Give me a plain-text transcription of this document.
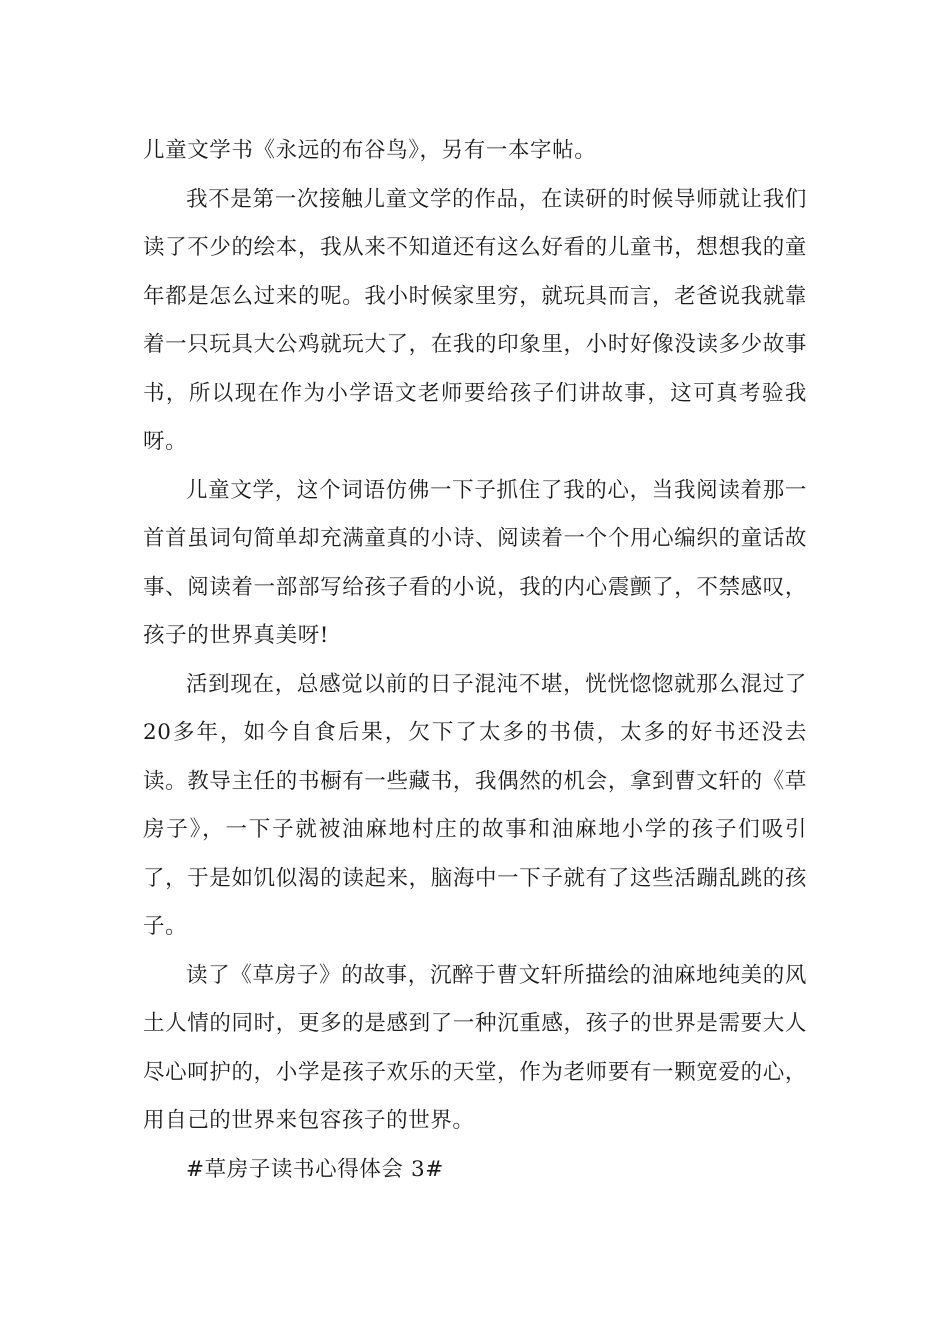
儿童文学书《永远的布谷鸟》，另有一本字帖。

我不是第一次接触儿童文学的作品，在读研的时候导师就让我们读了不少的绘本，我从来不知道还有这么好看的儿童书，想想我的童年都是怎么过来的呢。我小时候家里穷，就玩具而言，老爸说我就靠着一只玩具大公鸡就玩大了，在我的印象里，小时好像没读多少故事书，所以现在作为小学语文老师要给孩子们讲故事，这可真考验我呀。

儿童文学，这个词语仿佛一下子抓住了我的心，当我阅读着那一首首虽词句简单却充满童真的小诗、阅读着一个个用心编织的童话故事、阅读着一部部写给孩子看的小说，我的内心震颤了，不禁感叹，孩子的世界真美呀!

活到现在，总感觉以前的日子混沌不堪，恍恍惚惚就那么混过了20多年，如今自食后果，欠下了太多的书债，太多的好书还没去读。教导主任的书橱有一些藏书，我偶然的机会，拿到曹文轩的《草房子》，一下子就被油麻地村庄的故事和油麻地小学的孩子们吸引了，于是如饥似渴的读起来，脑海中一下子就有了这些活蹦乱跳的孩子。

读了《草房子》的故事，沉醉于曹文轩所描绘的油麻地纯美的风土人情的同时，更多的是感到了一种沉重感，孩子的世界是需要大人尽心呵护的，小学是孩子欢乐的天堂，作为老师要有一颗宽爱的心，用自己的世界来包容孩子的世界。

#草房子读书心得体会 3#
